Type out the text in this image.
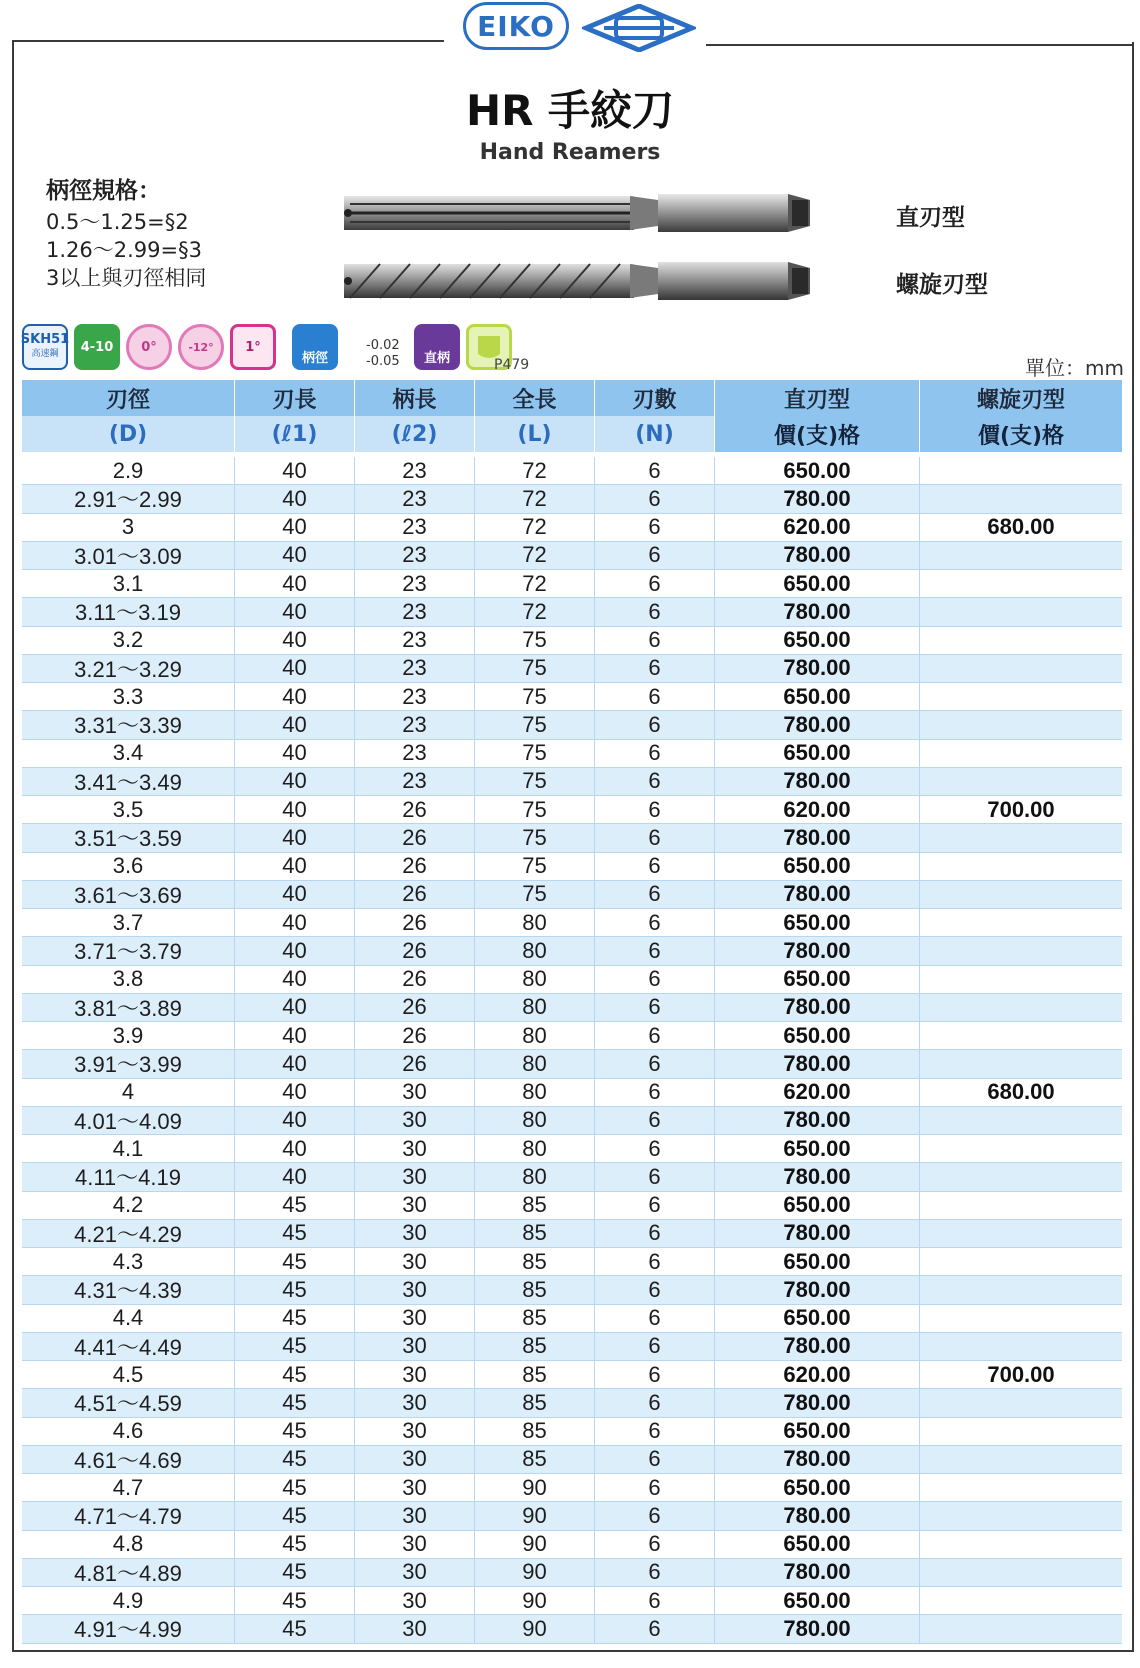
EIKO
HR 手絞刀
Hand Reamers
柄徑規格：
0.5～1.25=§2
1.26～2.99=§3
3以上與刃徑相同
直刃型
螺旋刃型
SKH51
高速鋼 4-10 0°	-12° 1°
柄徑
-0.02
-0.05 直柄	P479	單位：mm
刃徑	刃長	柄長	全長	刃數	直刃型	螺旋刃型
(D)	(ℓ1)	(ℓ2)	(L)	(N)	價(支)格	價(支)格
2.9	40	23	72	6	650.00
2.91～2.99	40	23	72	6	780.00
3	40	23	72	6	620.00	680.00
3.01～3.09	40	23	72	6	780.00
3.1	40	23	72	6	650.00
3.11～3.19	40	23	72	6	780.00
3.2	40	23	75	6	650.00
3.21～3.29	40	23	75	6	780.00
3.3	40	23	75	6	650.00
3.31～3.39	40	23	75	6	780.00
3.4	40	23	75	6	650.00
3.41～3.49	40	23	75	6	780.00
3.5	40	26	75	6	620.00	700.00
3.51～3.59	40	26	75	6	780.00
3.6	40	26	75	6	650.00
3.61～3.69	40	26	75	6	780.00
3.7	40	26	80	6	650.00
3.71～3.79	40	26	80	6	780.00
3.8	40	26	80	6	650.00
3.81～3.89	40	26	80	6	780.00
3.9	40	26	80	6	650.00
3.91～3.99	40	26	80	6	780.00
4	40	30	80	6	620.00	680.00
4.01～4.09	40	30	80	6	780.00
4.1	40	30	80	6	650.00
4.11～4.19	40	30	80	6	780.00
4.2	45	30	85	6	650.00
4.21～4.29	45	30	85	6	780.00
4.3	45	30	85	6	650.00
4.31～4.39	45	30	85	6	780.00
4.4	45	30	85	6	650.00
4.41～4.49	45	30	85	6	780.00
4.5	45	30	85	6	620.00	700.00
4.51～4.59	45	30	85	6	780.00
4.6	45	30	85	6	650.00
4.61～4.69	45	30	85	6	780.00
4.7	45	30	90	6	650.00
4.71～4.79	45	30	90	6	780.00
4.8	45	30	90	6	650.00
4.81～4.89	45	30	90	6	780.00
4.9	45	30	90	6	650.00
4.91～4.99	45	30	90	6	780.00
